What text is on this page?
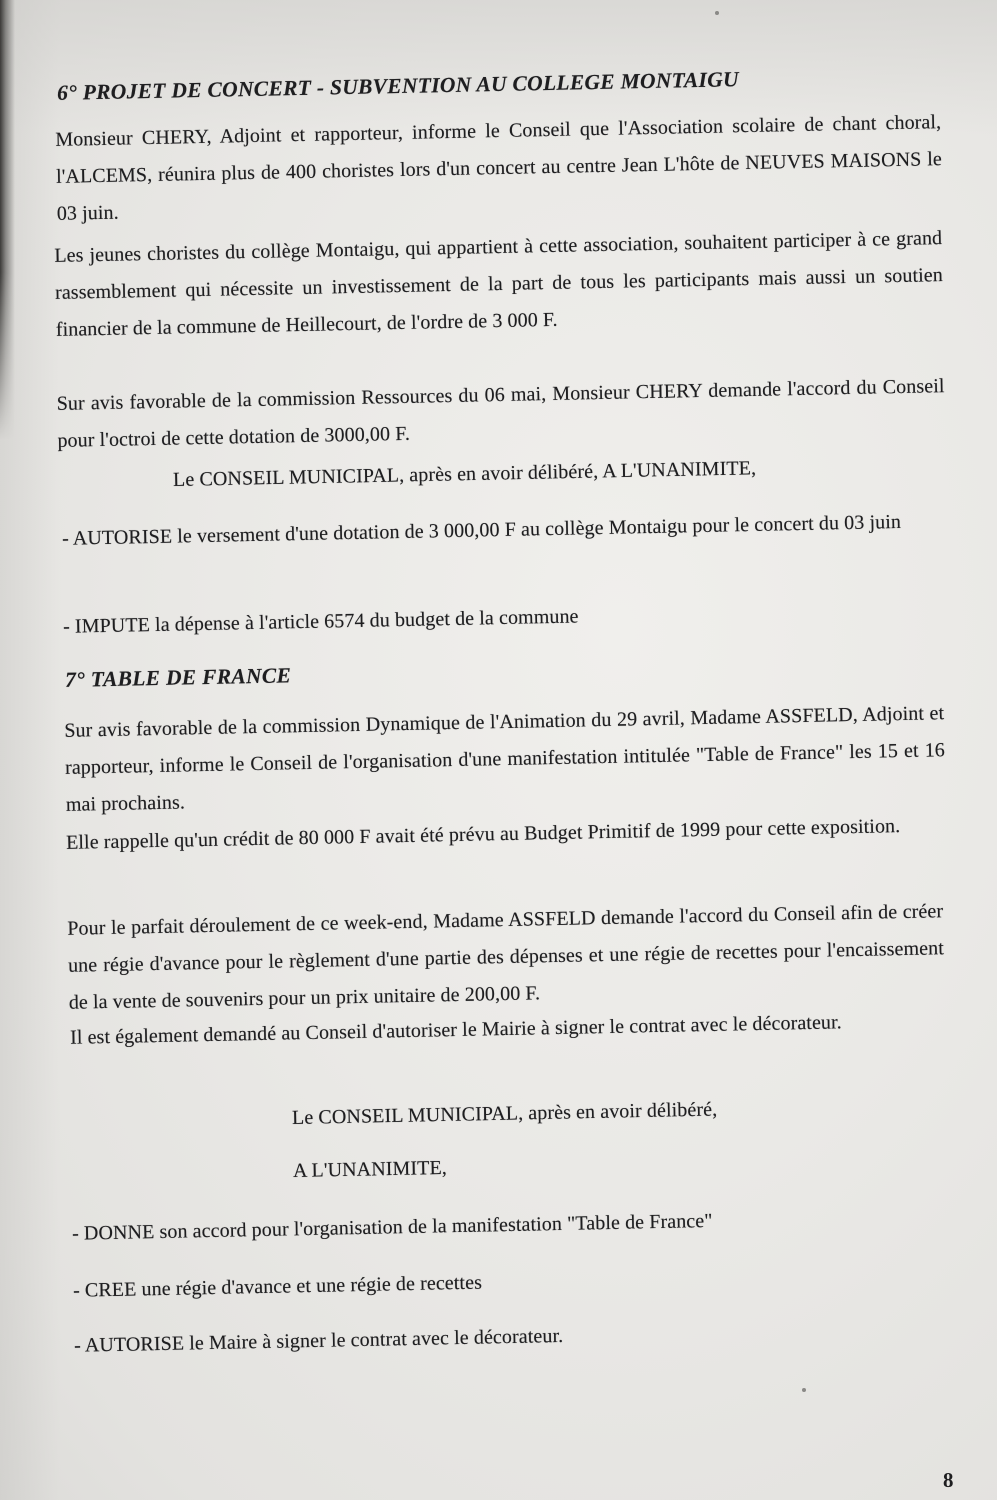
6° PROJET DE CONCERT - SUBVENTION AU COLLEGE MONTAIGU
Monsieur CHERY, Adjoint et rapporteur, informe le Conseil que l'Association scolaire de chant choral, l'ALCEMS, réunira plus de 400 choristes lors d'un concert au centre Jean L'hôte de NEUVES MAISONS le 03 juin.
Les jeunes choristes du collège Montaigu, qui appartient à cette association, souhaitent participer à ce grand rassemblement qui nécessite un investissement de la part de tous les participants mais aussi un soutien financier de la commune de Heillecourt, de l'ordre de 3 000 F.
Sur avis favorable de la commission Ressources du 06 mai, Monsieur CHERY demande l'accord du Conseil pour l'octroi de cette dotation de 3000,00 F.
Le CONSEIL MUNICIPAL, après en avoir délibéré, A L'UNANIMITE,
- AUTORISE le versement d'une dotation de 3 000,00 F au collège Montaigu pour le concert du 03 juin
- IMPUTE la dépense à l'article 6574 du budget de la commune
7° TABLE DE FRANCE
Sur avis favorable de la commission Dynamique de l'Animation du 29 avril, Madame ASSFELD, Adjoint et rapporteur, informe le Conseil de l'organisation d'une manifestation intitulée "Table de France" les 15 et 16 mai prochains.
Elle rappelle qu'un crédit de 80 000 F avait été prévu au Budget Primitif de 1999 pour cette exposition.
Pour le parfait déroulement de ce week-end, Madame ASSFELD demande l'accord du Conseil afin de créer une régie d'avance pour le règlement d'une partie des dépenses et une régie de recettes pour l'encaissement de la vente de souvenirs pour un prix unitaire de 200,00 F.
Il est également demandé au Conseil d'autoriser le Mairie à signer le contrat avec le décorateur.
Le CONSEIL MUNICIPAL, après en avoir délibéré,
A L'UNANIMITE,
- DONNE son accord pour l'organisation de la manifestation "Table de France"
- CREE une régie d'avance et une régie de recettes
- AUTORISE le Maire à signer le contrat avec le décorateur.
8
